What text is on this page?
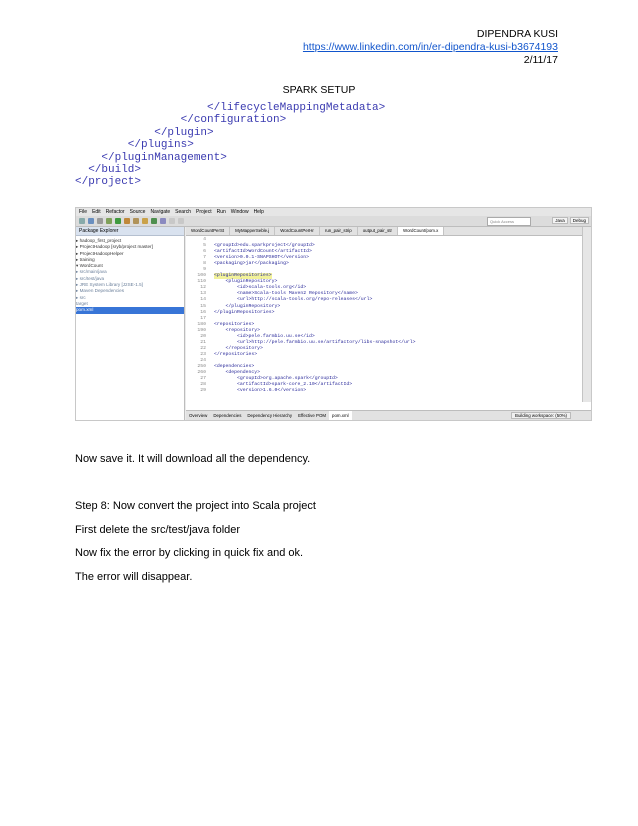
DIPENDRA KUSI
https://www.linkedin.com/in/er-dipendra-kusi-b3674193
2/11/17
SPARK SETUP
</lifecycleMappingMetadata>
</configuration>
</plugin>
</plugins>
</pluginManagement>
</build>
</project>
File Edit Refactor Source Navigate Search Project Run Window Help
Quick Access	Java	Debug
Package Explorer
▸ hadoop_first_project
▸ ProjectHadoop [sryb/project master]
▸ ProjectHadoopHelper
▸ training
▾ WordCount
▸ src/main/java
▸ src/test/java
▸ JRE System Library [J2SE-1.5]
▸ Maven Dependencies
▸ src
target
pom.xml
WordCountPerSt	MyMapperSeble.j	WordCountPerHr	run_pair_strip	output_pair_str	WordCount/pom.x
4
5	<groupId>edu.sparkproject</groupId>
6	<artifactId>WordCount</artifactId>
7	<version>0.0.1-SNAPSHOT</version>
8	<packaging>jar</packaging>
9
10⊖	<pluginRepositories>
11⊖	<pluginRepository>
12	<id>scala-tools.org</id>
13	<name>Scala-tools Maven2 Repository</name>
14	<url>http://scala-tools.org/repo-releases</url>
15	</pluginRepository>
16	</pluginRepositories>
17
18⊖	<repositories>
19⊖	<repository>
20	<id>pele.farmbio.uu.se</id>
21	<url>http://pele.farmbio.uu.se/artifactory/libs-snapshot</url>
22	</repository>
23	</repositories>
24
25⊖	<dependencies>
26⊖	<dependency>
27	<groupId>org.apache.spark</groupId>
28	<artifactId>spark-core_2.10</artifactId>
29	<version>1.6.0</version>
Overview	Dependencies	Dependency Hierarchy	Effective POM	pom.xml	Building workspace: (50%)
Now save it. It will download all the dependency.
Step 8: Now convert the project into Scala project
First delete the src/test/java folder
Now fix the error by clicking in quick fix and ok.
The error will disappear.
